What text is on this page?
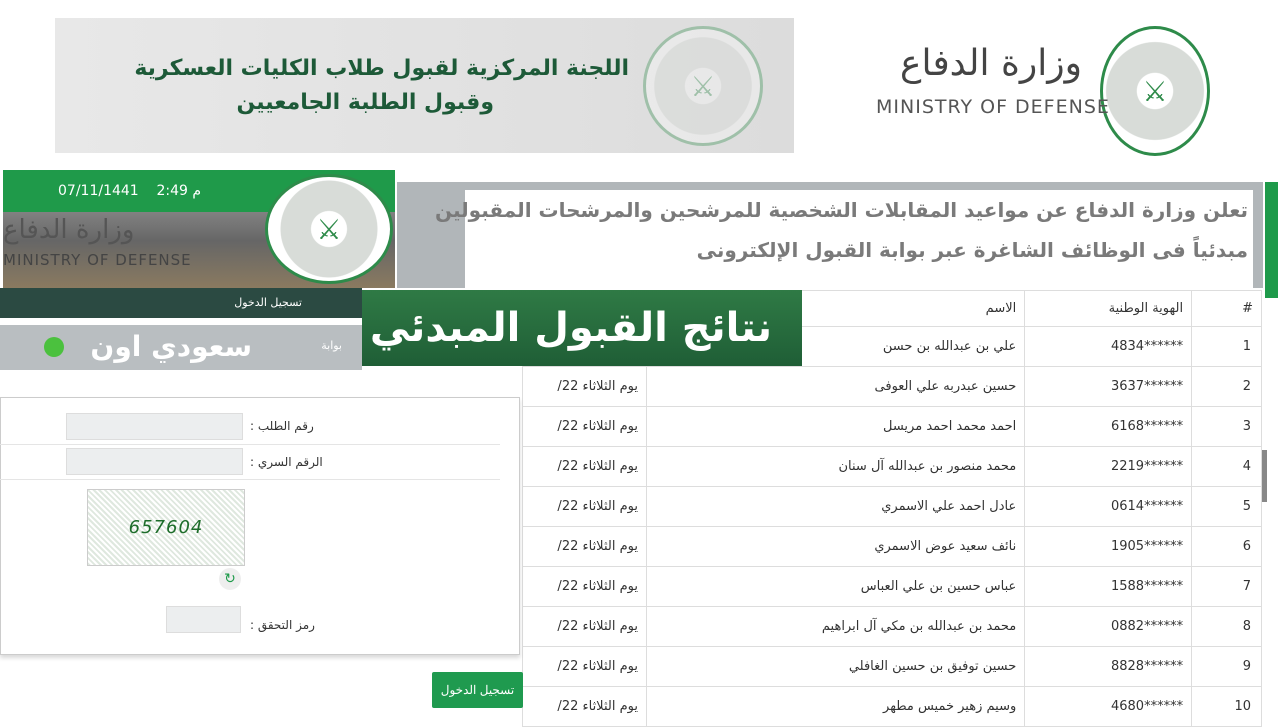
⚔
اللجنة المركزية لقبول طلاب الكليات العسكرية
وقبول الطلبة الجامعيين	⚔
وزارة الدفاع
MINISTRY OF DEFENSE
م 2:49    07/11/1441
وزارة الدفاع
MINISTRY OF DEFENSE
⚔
تسجيل الدخول
بوابة
سعودي اون
تعلن وزارة الدفاع عن مواعيد المقابلات الشخصية للمرشحين والمرشحات المقبولين
مبدئياً فى الوظائف الشاغرة عبر بوابة القبول الإلكترونى
#	الهوية الوطنية	الاسم	
1	******4834	علي بن عبدالله بن حسن	
2	******3637	حسين عبدربه علي العوفى	يوم الثلاثاء 22/
3	******6168	احمد محمد احمد مريسل	يوم الثلاثاء 22/
4	******2219	محمد منصور بن عبدالله آل سنان	يوم الثلاثاء 22/
5	******0614	عادل احمد علي الاسمري	يوم الثلاثاء 22/
6	******1905	نائف سعيد عوض الاسمري	يوم الثلاثاء 22/
7	******1588	عباس حسين بن علي العباس	يوم الثلاثاء 22/
8	******0882	محمد بن عبدالله بن مكي آل ابراهيم	يوم الثلاثاء 22/
9	******8828	حسين توفيق بن حسين الغافلي	يوم الثلاثاء 22/
10	******4680	وسيم زهير خميس مطهر	يوم الثلاثاء 22/
نتائج القبول المبدئي
رقم الطلب :
الرقم السري :
657604
↻
رمز التحقق :
تسجيل الدخول
